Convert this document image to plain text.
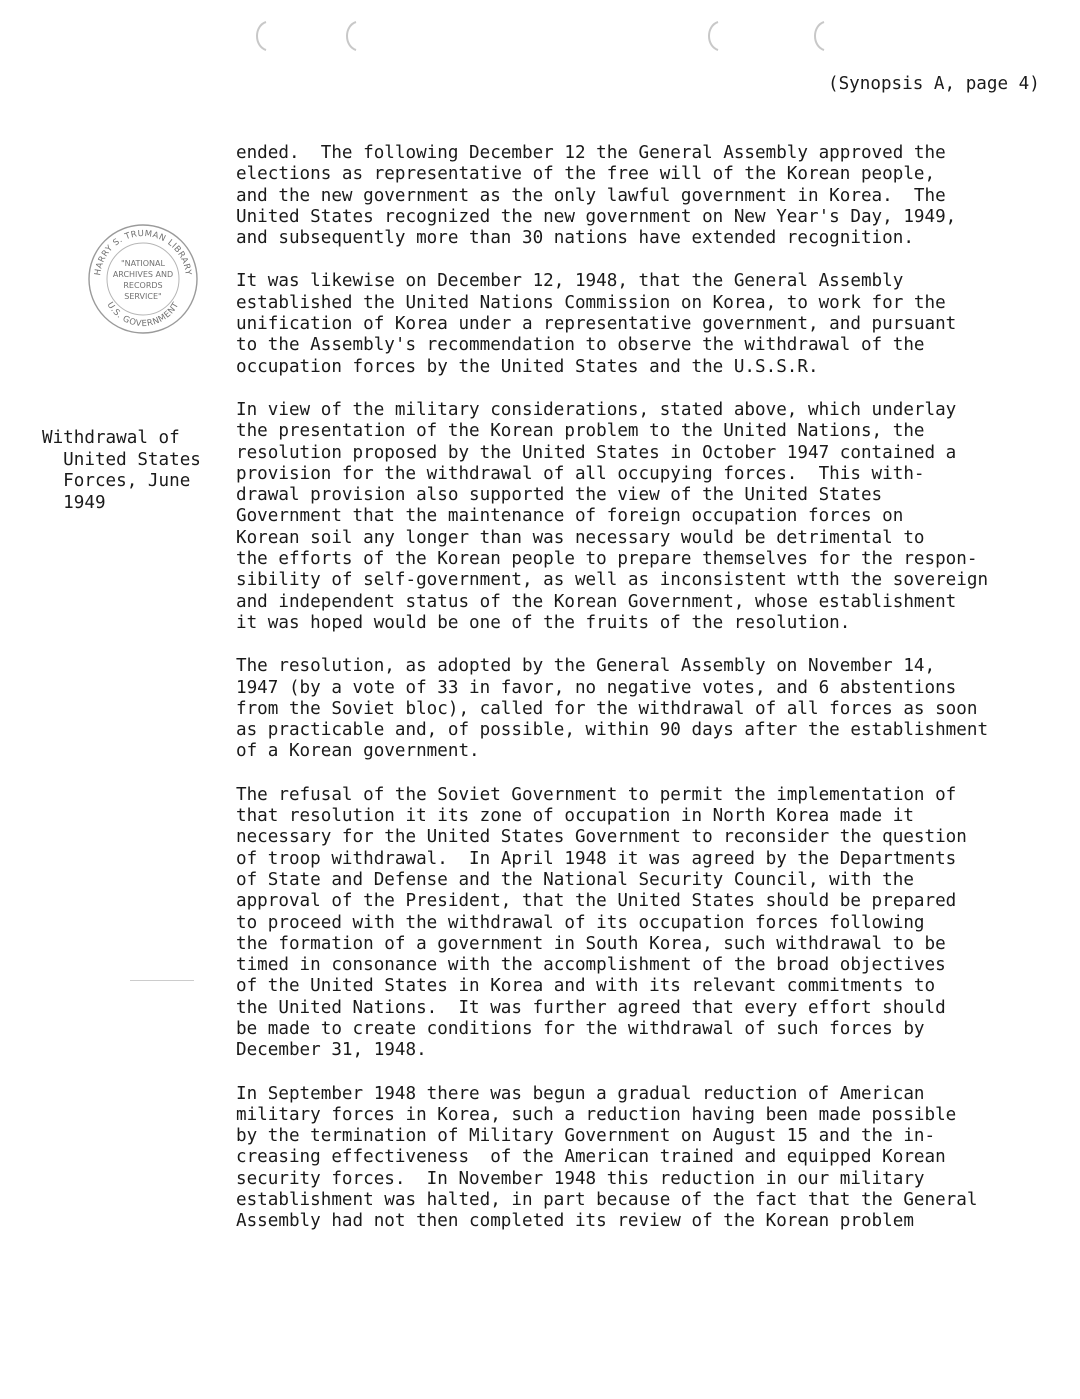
(Synopsis A, page 4)
HARRY S. TRUMAN LIBRARY
U.S. GOVERNMENT
"NATIONAL
ARCHIVES AND
RECORDS
SERVICE"
Withdrawal of
United States
Forces, June
1949

ended.  The following December 12 the General Assembly approved the
elections as representative of the free will of the Korean people,
and the new government as the only lawful government in Korea.  The
United States recognized the new government on New Year's Day, 1949,
and subsequently more than 30 nations have extended recognition.

It was likewise on December 12, 1948, that the General Assembly
established the United Nations Commission on Korea, to work for the
unification of Korea under a representative government, and pursuant
to the Assembly's recommendation to observe the withdrawal of the
occupation forces by the United States and the U.S.S.R.

In view of the military considerations, stated above, which underlay
the presentation of the Korean problem to the United Nations, the
resolution proposed by the United States in October 1947 contained a
provision for the withdrawal of all occupying forces.  This with-
drawal provision also supported the view of the United States
Government that the maintenance of foreign occupation forces on
Korean soil any longer than was necessary would be detrimental to
the efforts of the Korean people to prepare themselves for the respon-
sibility of self-government, as well as inconsistent wtth the sovereign
and independent status of the Korean Government, whose establishment
it was hoped would be one of the fruits of the resolution.

The resolution, as adopted by the General Assembly on November 14,
1947 (by a vote of 33 in favor, no negative votes, and 6 abstentions
from the Soviet bloc), called for the withdrawal of all forces as soon
as practicable and, of possible, within 90 days after the establishment
of a Korean government.

The refusal of the Soviet Government to permit the implementation of
that resolution it its zone of occupation in North Korea made it
necessary for the United States Government to reconsider the question
of troop withdrawal.  In April 1948 it was agreed by the Departments
of State and Defense and the National Security Council, with the
approval of the President, that the United States should be prepared
to proceed with the withdrawal of its occupation forces following
the formation of a government in South Korea, such withdrawal to be
timed in consonance with the accomplishment of the broad objectives
of the United States in Korea and with its relevant commitments to
the United Nations.  It was further agreed that every effort should
be made to create conditions for the withdrawal of such forces by
December 31, 1948.

In September 1948 there was begun a gradual reduction of American
military forces in Korea, such a reduction having been made possible
by the termination of Military Government on August 15 and the in-
creasing effectiveness  of the American trained and equipped Korean
security forces.  In November 1948 this reduction in our military
establishment was halted, in part because of the fact that the General
Assembly had not then completed its review of the Korean problem
